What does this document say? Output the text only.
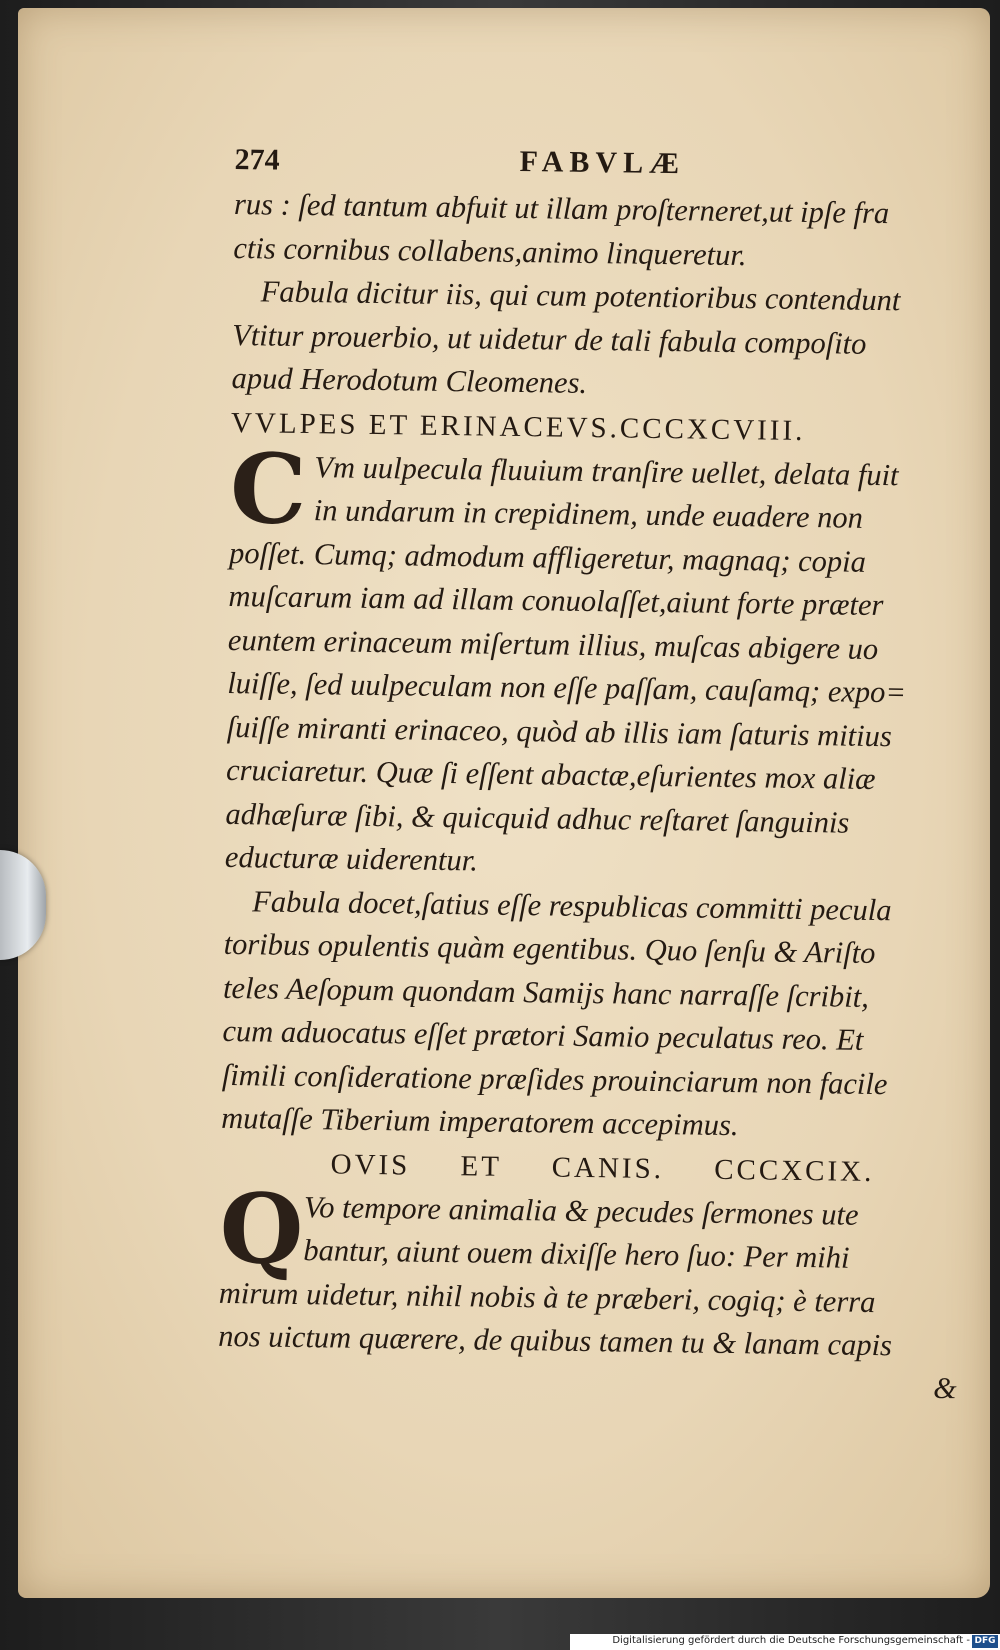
274	FABVLÆ
rus : ſed tantum abfuit ut illam proſterneret,ut ipſe fra
ctis cornibus collabens,animo linqueretur.
Fabula dicitur iis, qui cum potentioribus contendunt
Vtitur prouerbio, ut uidetur de tali fabula compoſito
apud Herodotum Cleomenes.
VVLPES ET ERINACEVS.CCCXCVIII.
C Vm uulpecula fluuium tranſire uellet, delata fuit
in undarum in crepidinem, unde euadere non
poſſet. Cumq; admodum affligeretur, magnaq; copia
muſcarum iam ad illam conuolaſſet,aiunt forte præter
euntem erinaceum miſertum illius, muſcas abigere uo
luiſſe, ſed uulpeculam non eſſe paſſam, cauſamq; expo=
ſuiſſe miranti erinaceo, quòd ab illis iam ſaturis mitius
cruciaretur. Quæ ſi eſſent abactæ,eſurientes mox aliæ
adhæſuræ ſibi, & quicquid adhuc reſtaret ſanguinis
educturæ uiderentur.
Fabula docet,ſatius eſſe respublicas committi pecula
toribus opulentis quàm egentibus. Quo ſenſu & Ariſto
teles Aeſopum quondam Samijs hanc narraſſe ſcribit,
cum aduocatus eſſet prætori Samio peculatus reo. Et
ſimili conſideratione præſides prouinciarum non facile
mutaſſe Tiberium imperatorem accepimus.
OVIS ET CANIS. CCCXCIX.
Q Vo tempore animalia & pecudes ſermones ute
bantur, aiunt ouem dixiſſe hero ſuo: Per mihi
mirum uidetur, nihil nobis à te præberi, cogiq; è terra
nos uictum quærere, de quibus tamen tu & lanam capis
&
Digitalisierung gefördert durch die Deutsche Forschungsgemeinschaft - DFG
